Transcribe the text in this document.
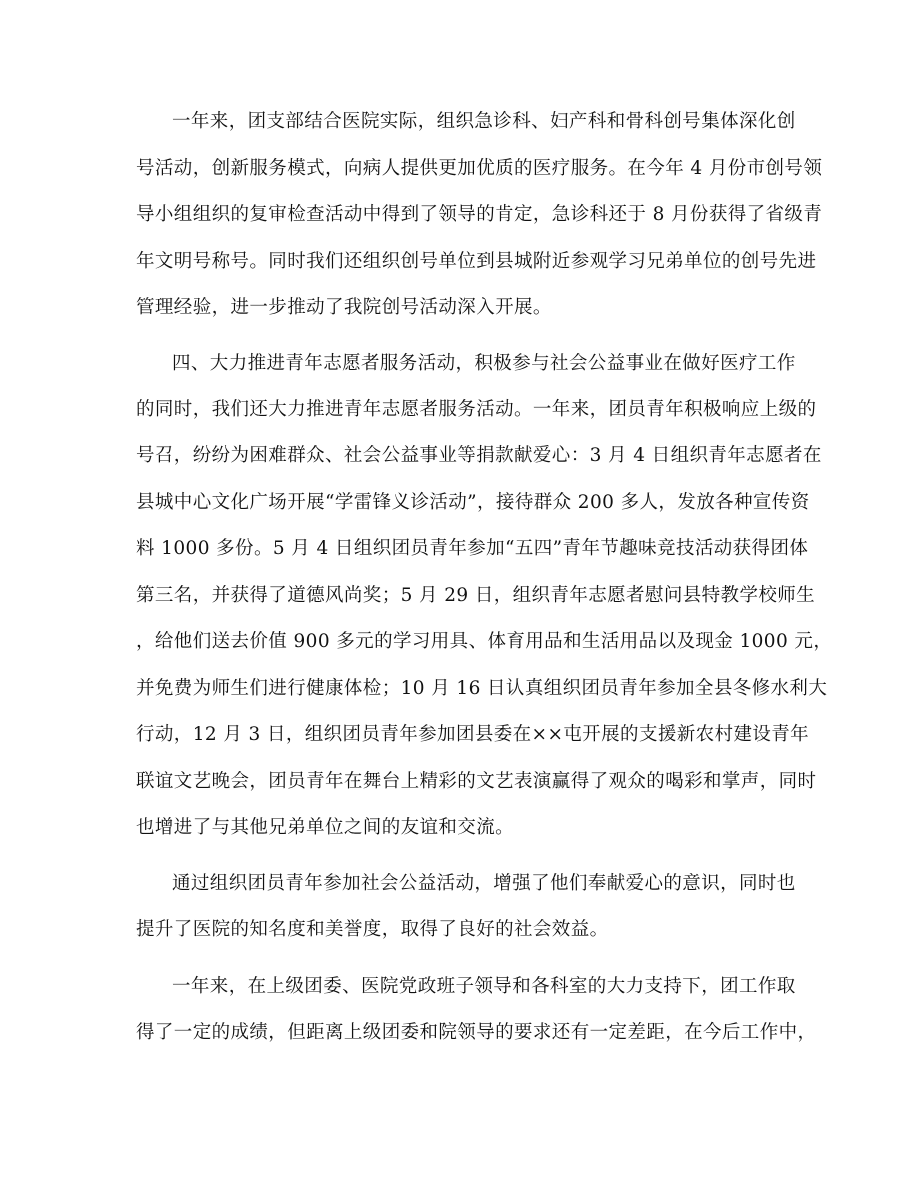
一年来，团支部结合医院实际，组织急诊科、妇产科和骨科创号集体深化创

号活动，创新服务模式，向病人提供更加优质的医疗服务。在今年 4 月份市创号领

导小组组织的复审检查活动中得到了领导的肯定，急诊科还于 8 月份获得了省级青

年文明号称号。同时我们还组织创号单位到县城附近参观学习兄弟单位的创号先进

管理经验，进一步推动了我院创号活动深入开展。

四、大力推进青年志愿者服务活动，积极参与社会公益事业在做好医疗工作

的同时，我们还大力推进青年志愿者服务活动。一年来，团员青年积极响应上级的

号召，纷纷为困难群众、社会公益事业等捐款献爱心：3 月 4 日组织青年志愿者在

县城中心文化广场开展“学雷锋义诊活动”，接待群众 200 多人，发放各种宣传资

料 1000 多份。5 月 4 日组织团员青年参加“五四”青年节趣味竞技活动获得团体

第三名，并获得了道德风尚奖；5 月 29 日，组织青年志愿者慰问县特教学校师生

，给他们送去价值 900 多元的学习用具、体育用品和生活用品以及现金 1000 元，

并免费为师生们进行健康体检；10 月 16 日认真组织团员青年参加全县冬修水利大

行动，12 月 3 日，组织团员青年参加团县委在××屯开展的支援新农村建设青年

联谊文艺晚会，团员青年在舞台上精彩的文艺表演赢得了观众的喝彩和掌声，同时

也增进了与其他兄弟单位之间的友谊和交流。

通过组织团员青年参加社会公益活动，增强了他们奉献爱心的意识，同时也

提升了医院的知名度和美誉度，取得了良好的社会效益。

一年来，在上级团委、医院党政班子领导和各科室的大力支持下，团工作取

得了一定的成绩，但距离上级团委和院领导的要求还有一定差距，在今后工作中，
